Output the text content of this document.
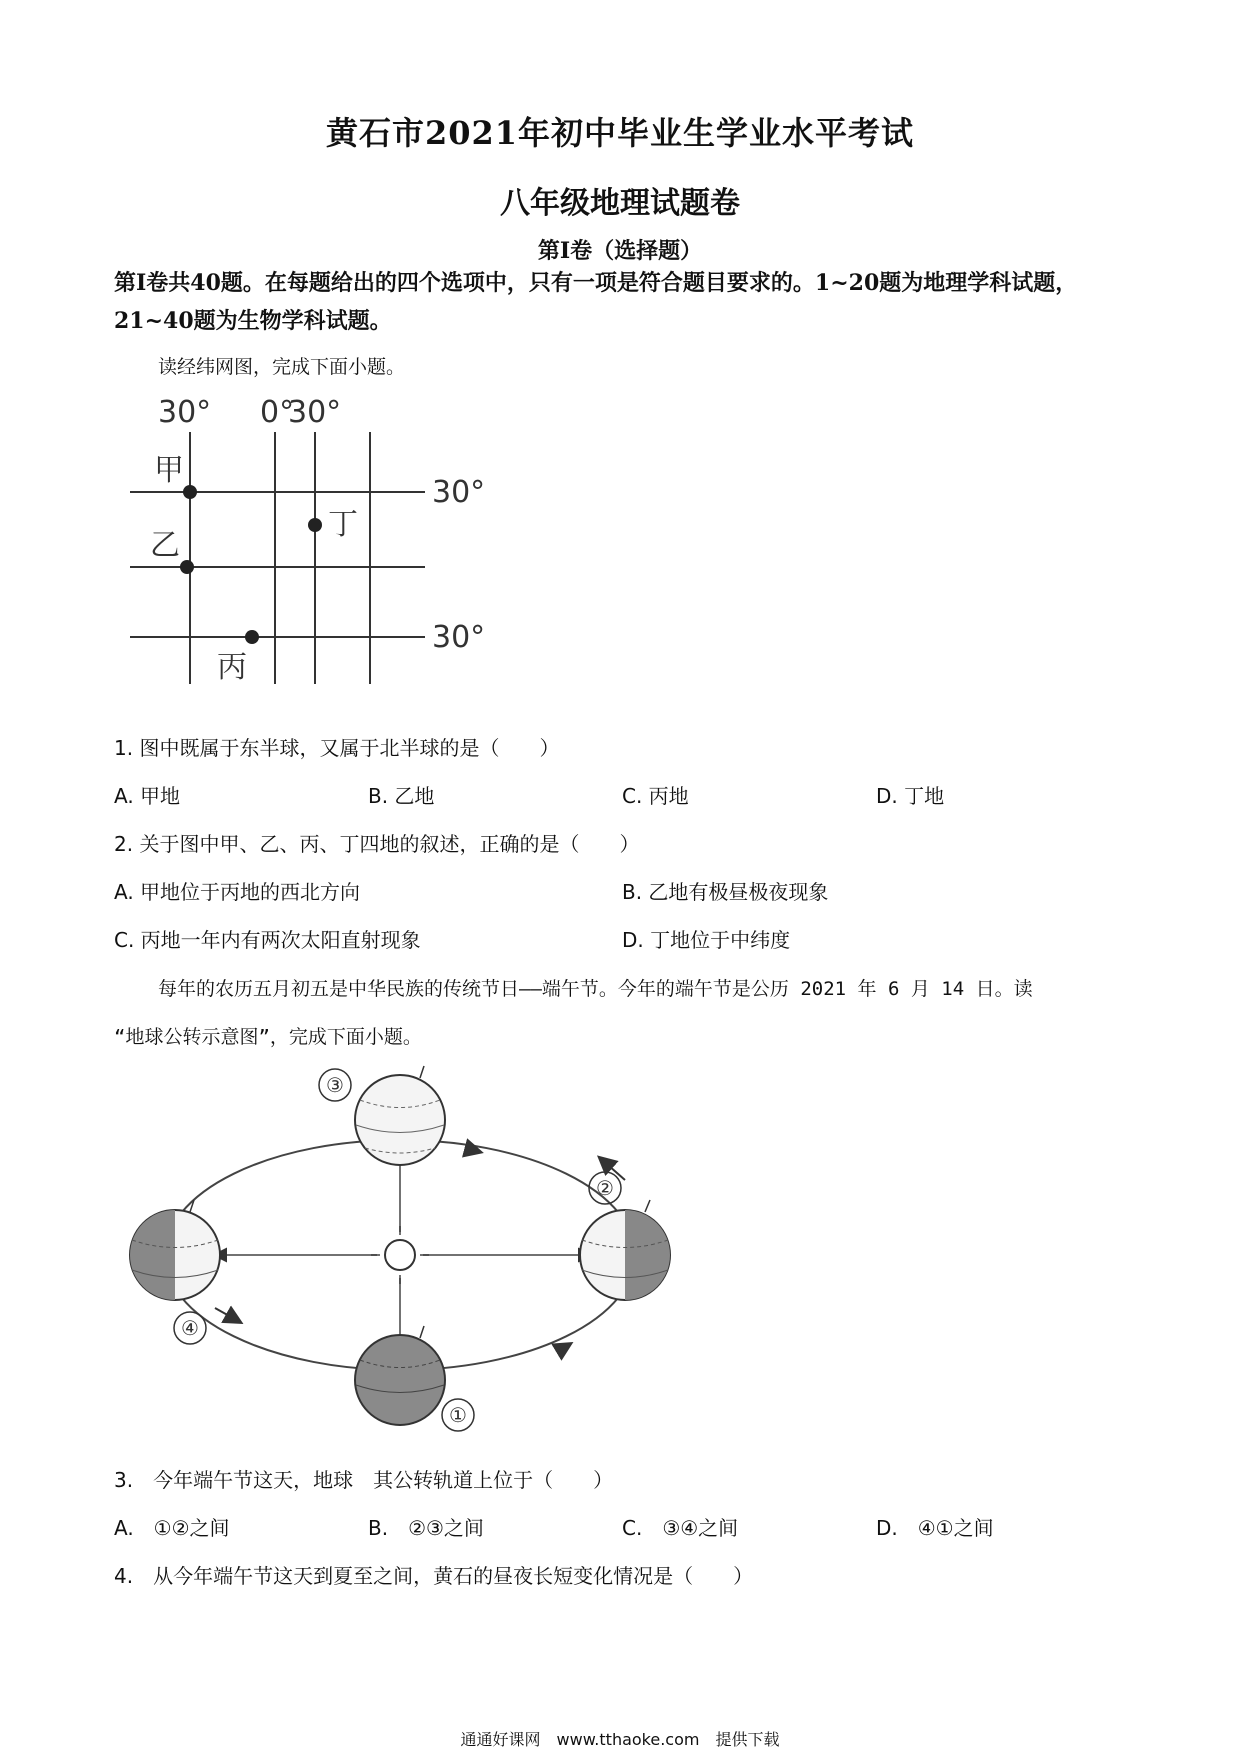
黄石市2021年初中毕业生学业水平考试
八年级地理试题卷
第I卷（选择题）
第I卷共40题。在每题给出的四个选项中，只有一项是符合题目要求的。1~20题为地理学科试题，21~40题为生物学科试题。
读经纬网图，完成下面小题。
30° 0°
30°
30°
30°
甲
乙
丙
丁
1. 图中既属于东半球，又属于北半球的是（　　）
A. 甲地	B. 乙地	C. 丙地	D. 丁地
2. 关于图中甲、乙、丙、丁四地的叙述，正确的是（　　）
A. 甲地位于丙地的西北方向	B. 乙地有极昼极夜现象
C. 丙地一年内有两次太阳直射现象	D. 丁地位于中纬度
每年的农历五月初五是中华民族的传统节日——端午节。今年的端午节是公历 2021 年 6 月 14 日。读
“地球公转示意图”，完成下面小题。
③
②
④
①
3.　今年端午节这天，地球　其公转轨道上位于（　　）
A.　①②之间	B.　②③之间	C.　③④之间	D.　④①之间
4.　从今年端午节这天到夏至之间，黄石的昼夜长短变化情况是（　　）
通通好课网　www.tthaoke.com　提供下载
